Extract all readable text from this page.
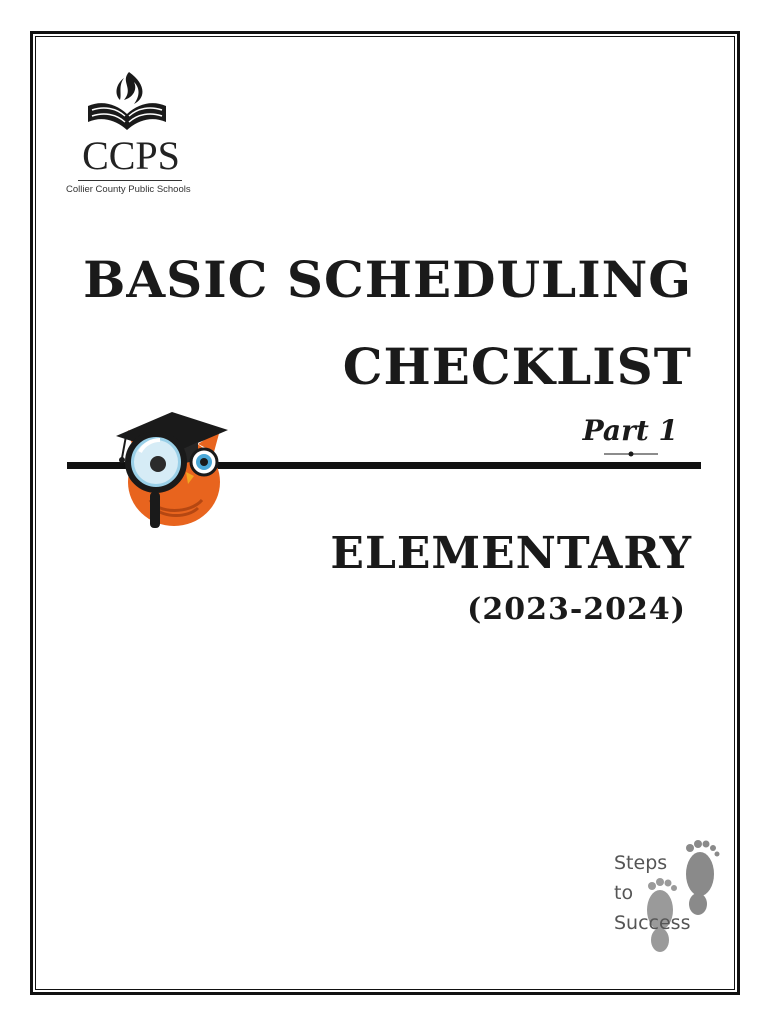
CCPS
Collier County Public Schools
BASIC SCHEDULING
CHECKLIST
Part 1
ELEMENTARY
(2023-2024)
Steps
to
Success
